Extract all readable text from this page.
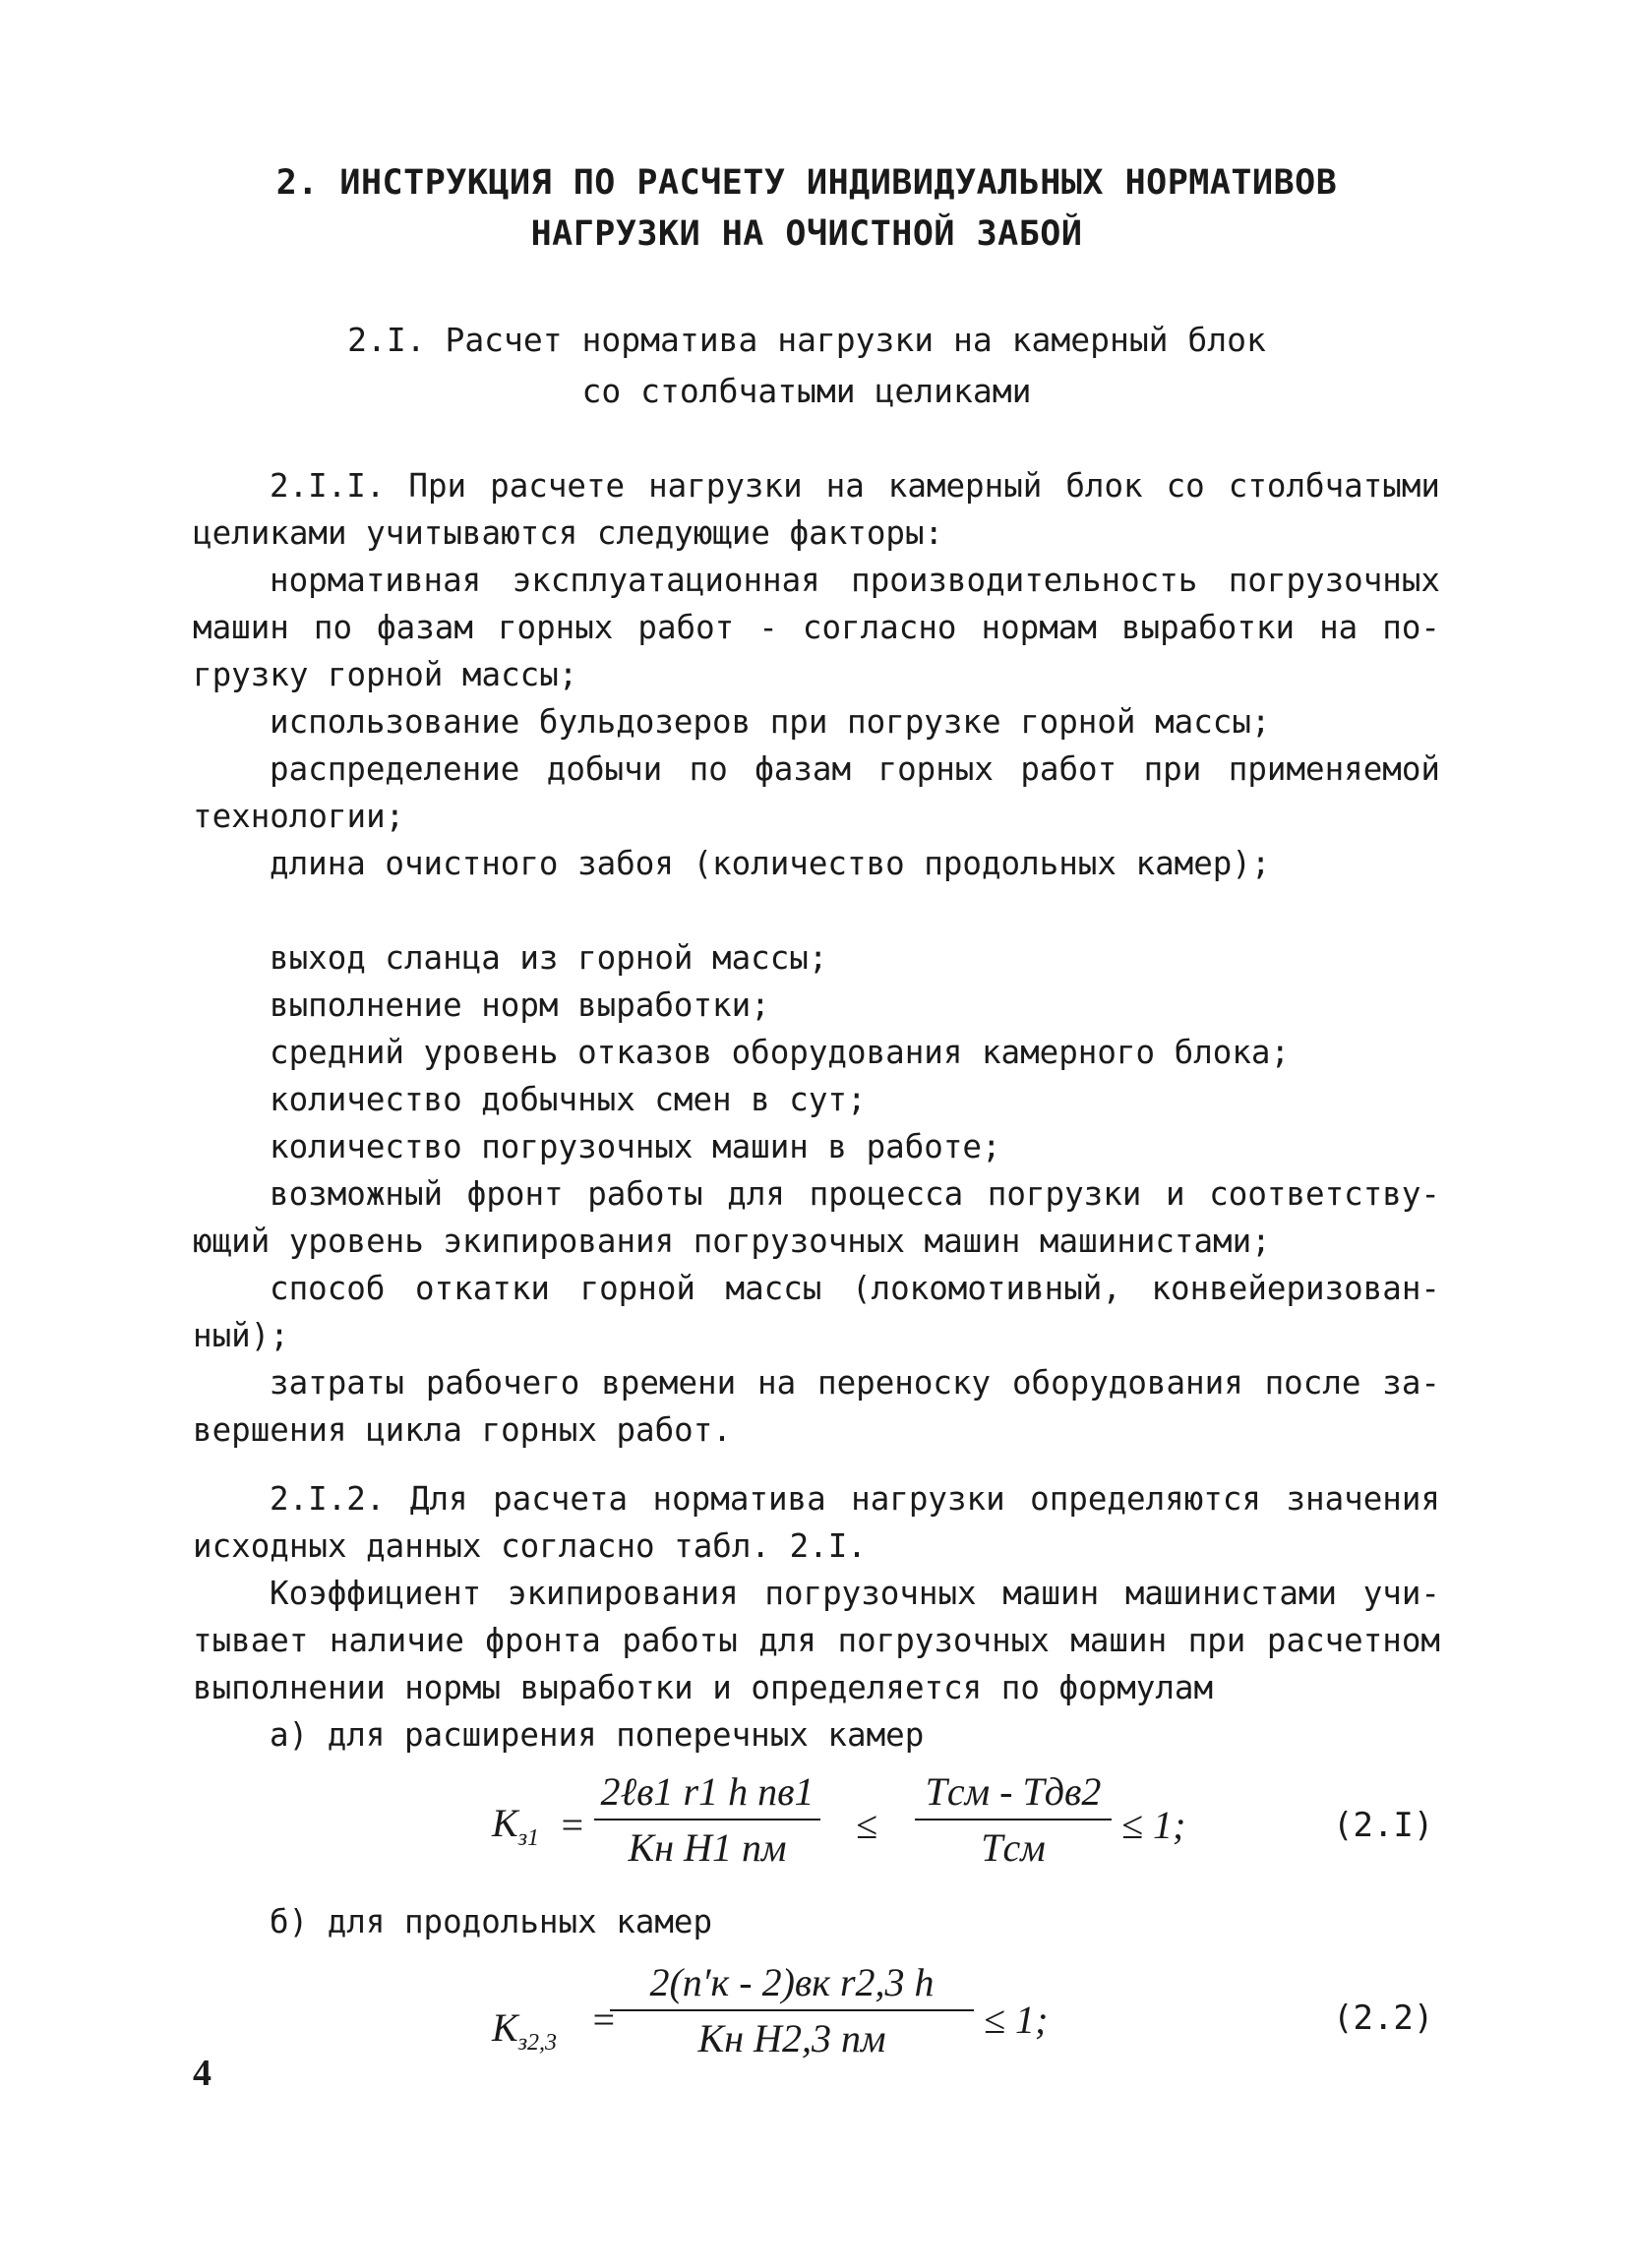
2. ИНСТРУКЦИЯ ПО РАСЧЕТУ ИНДИВИДУАЛЬНЫХ НОРМАТИВОВ
НАГРУЗКИ НА ОЧИСТНОЙ ЗАБОЙ
2.I. Расчет норматива нагрузки на камерный блок
со столбчатыми целиками
2.I.I. При расчете нагрузки на камерный блок со столбчатыми
целиками учитываются следующие факторы:
нормативная эксплуатационная производительность погрузочных
машин по фазам горных работ - согласно нормам выработки на по-
грузку горной массы;
использование бульдозеров при погрузке горной массы;
распределение добычи по фазам горных работ при применяемой
технологии;
длина очистного забоя (количество продольных камер);
выход сланца из горной массы;
выполнение норм выработки;
средний уровень отказов оборудования камерного блока;
количество добычных смен в сут;
количество погрузочных машин в работе;
возможный фронт работы для процесса погрузки и соответству-
ющий уровень экипирования погрузочных машин машинистами;
способ откатки горной массы (локомотивный, конвейеризован-
ный);
затраты рабочего времени на переноску оборудования после за-
вершения цикла горных работ.
2.I.2. Для расчета норматива нагрузки определяются значения
исходных данных согласно табл. 2.I.
Коэффициент экипирования погрузочных машин машинистами учи-
тывает наличие фронта работы для погрузочных машин при расчетном
выполнении нормы выработки и определяется по формулам
а) для расширения поперечных камер
$K_{з1}$ =
2ℓв1 r1 h nв1
Kн H1 nм
≤
Tсм - Tдв2
Tсм
≤ 1;	(2.I)
б) для продольных камер
$K_{з2,3}$
=
2(n′к - 2)вк r2,3 h
Kн H2,3 nм	≤ 1;	(2.2)
4
